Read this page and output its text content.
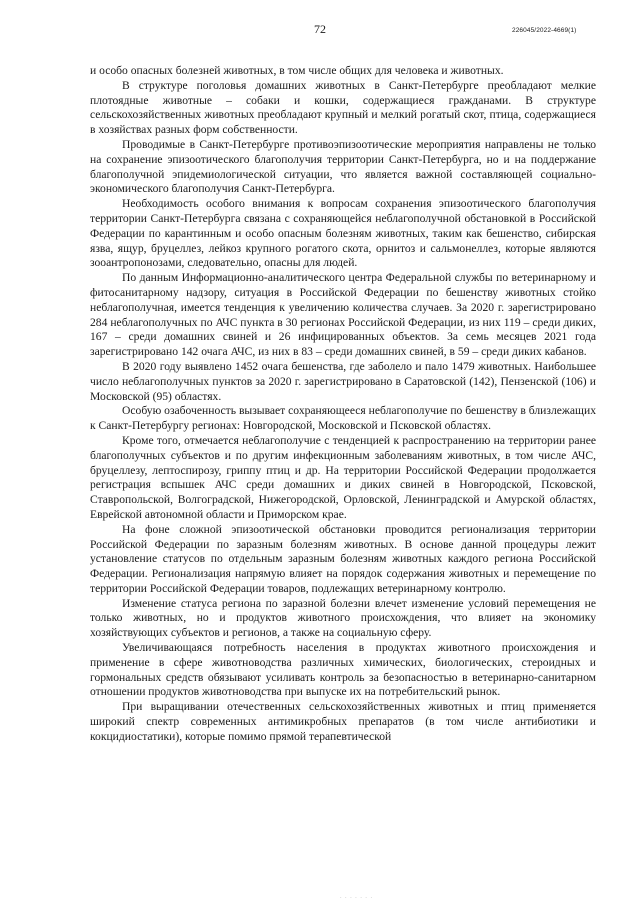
72	226045/2022-4669(1)

и особо опасных болезней животных, в том числе общих для человека и животных.

В структуре поголовья домашних животных в Санкт-Петербурге преобладают мелкие плотоядные животные – собаки и кошки, содержащиеся гражданами. В структуре сельскохозяйственных животных преобладают крупный и мелкий рогатый скот, птица, содержащиеся в хозяйствах разных форм собственности.

Проводимые в Санкт-Петербурге противоэпизоотические мероприятия направлены не только на сохранение эпизоотического благополучия территории Санкт-Петербурга, но и на поддержание благополучной эпидемиологической ситуации, что является важной составляющей социально-экономического благополучия Санкт-Петербурга.

Необходимость особого внимания к вопросам сохранения эпизоотического благополучия территории Санкт-Петербурга связана с сохраняющейся неблагополучной обстановкой в Российской Федерации по карантинным и особо опасным болезням животных, таким как бешенство, сибирская язва, ящур, бруцеллез, лейкоз крупного рогатого скота, орнитоз и сальмонеллез, которые являются зооантропонозами, следовательно, опасны для людей.

По данным Информационно-аналитического центра Федеральной службы по ветеринарному и фитосанитарному надзору, ситуация в Российской Федерации по бешенству животных стойко неблагополучная, имеется тенденция к увеличению количества случаев. За 2020 г. зарегистрировано 284 неблагополучных по АЧС пункта в 30 регионах Российской Федерации, из них 119 – среди диких, 167 – среди домашних свиней и 26 инфицированных объектов. За семь месяцев 2021 года зарегистрировано 142 очага АЧС, из них в 83 – среди домашних свиней, в 59 – среди диких кабанов.

В 2020 году выявлено 1452 очага бешенства, где заболело и пало 1479 животных. Наибольшее число неблагополучных пунктов за 2020 г. зарегистрировано в Саратовской (142), Пензенской (106) и Московской (95) областях.

Особую озабоченность вызывает сохраняющееся неблагополучие по бешенству в близлежащих к Санкт-Петербургу регионах: Новгородской, Московской и Псковской областях.

Кроме того, отмечается неблагополучие с тенденцией к распространению на территории ранее благополучных субъектов и по другим инфекционным заболеваниям животных, в том числе АЧС, бруцеллезу, лептоспирозу, гриппу птиц и др. На территории Российской Федерации продолжается регистрация вспышек АЧС среди домашних и диких свиней в Новгородской, Псковской, Ставропольской, Волгоградской, Нижегородской, Орловской, Ленинградской и Амурской областях, Еврейской автономной области и Приморском крае.

На фоне сложной эпизоотической обстановки проводится регионализация территории Российской Федерации по заразным болезням животных. В основе данной процедуры лежит установление статусов по отдельным заразным болезням животных каждого региона Российской Федерации. Регионализация напрямую влияет на порядок содержания животных и перемещение по территории Российской Федерации товаров, подлежащих ветеринарному контролю.

Изменение статуса региона по заразной болезни влечет изменение условий перемещения не только животных, но и продуктов животного происхождения, что влияет на экономику хозяйствующих субъектов и регионов, а также на социальную сферу.

Увеличивающаяся потребность населения в продуктах животного происхождения и применение в сфере животноводства различных химических, биологических, стероидных и гормональных средств обязывают усиливать контроль за безопасностью в ветеринарно-санитарном отношении продуктов животноводства при выпуске их на потребительский рынок.

При выращивании отечественных сельскохозяйственных животных и птиц применяется широкий спектр современных антимикробных препаратов (в том числе антибиотики и кокцидиостатики), которые помимо прямой терапевтической

· · · · · · ·
